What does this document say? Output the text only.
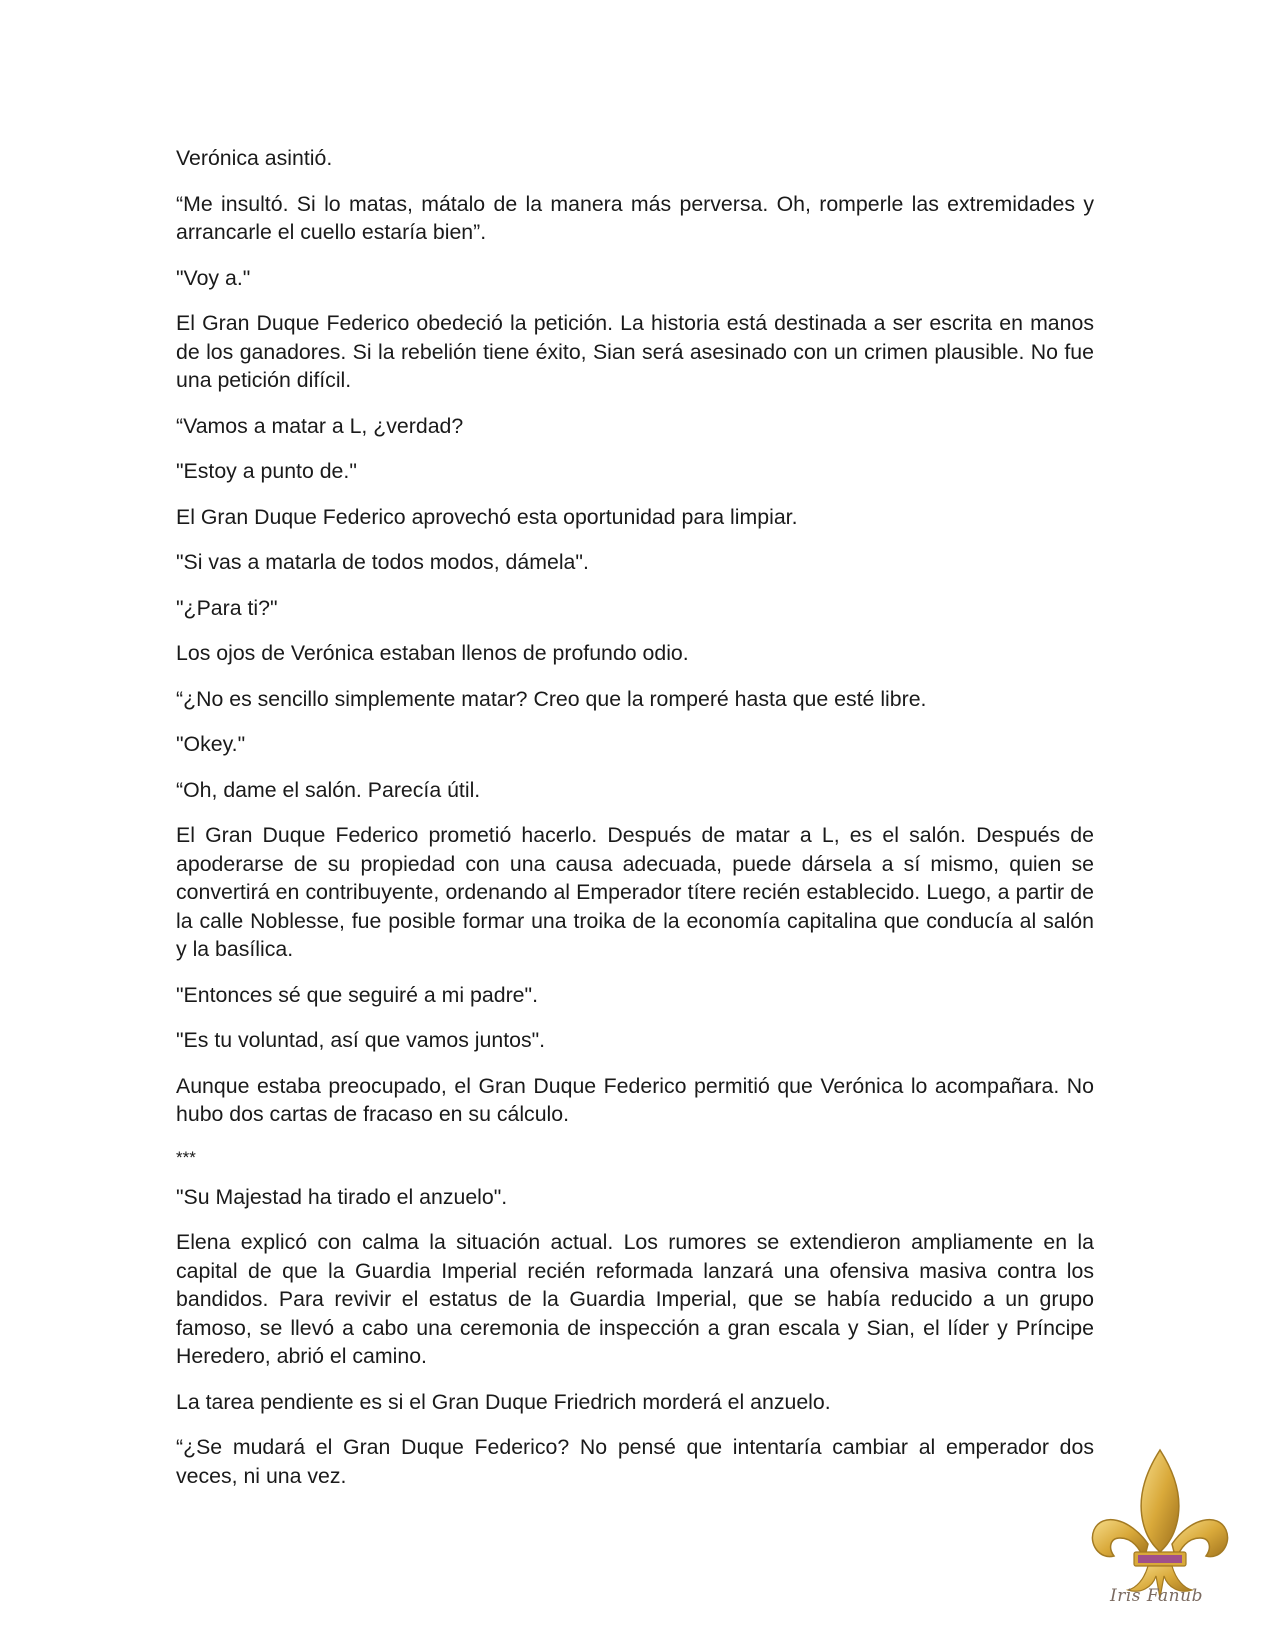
Verónica asintió.

“Me insultó. Si lo matas, mátalo de la manera más perversa. Oh, romperle las extremidades y arrancarle el cuello estaría bien”.

"Voy a."

El Gran Duque Federico obedeció la petición. La historia está destinada a ser escrita en manos de los ganadores. Si la rebelión tiene éxito, Sian será asesinado con un crimen plausible. No fue una petición difícil.

“Vamos a matar a L, ¿verdad?

"Estoy a punto de."

El Gran Duque Federico aprovechó esta oportunidad para limpiar.

"Si vas a matarla de todos modos, dámela".

"¿Para ti?"

Los ojos de Verónica estaban llenos de profundo odio.

“¿No es sencillo simplemente matar? Creo que la romperé hasta que esté libre.

"Okey."

“Oh, dame el salón. Parecía útil.

El Gran Duque Federico prometió hacerlo. Después de matar a L, es el salón. Después de apoderarse de su propiedad con una causa adecuada, puede dársela a sí mismo, quien se convertirá en contribuyente, ordenando al Emperador títere recién establecido. Luego, a partir de la calle Noblesse, fue posible formar una troika de la economía capitalina que conducía al salón y la basílica.

"Entonces sé que seguiré a mi padre".

"Es tu voluntad, así que vamos juntos".

Aunque estaba preocupado, el Gran Duque Federico permitió que Verónica lo acompañara. No hubo dos cartas de fracaso en su cálculo.

***

"Su Majestad ha tirado el anzuelo".

Elena explicó con calma la situación actual. Los rumores se extendieron ampliamente en la capital de que la Guardia Imperial recién reformada lanzará una ofensiva masiva contra los bandidos. Para revivir el estatus de la Guardia Imperial, que se había reducido a un grupo famoso, se llevó a cabo una ceremonia de inspección a gran escala y Sian, el líder y Príncipe Heredero, abrió el camino.

La tarea pendiente es si el Gran Duque Friedrich morderá el anzuelo.

“¿Se mudará el Gran Duque Federico? No pensé que intentaría cambiar al emperador dos veces, ni una vez.

Iris Fanub
